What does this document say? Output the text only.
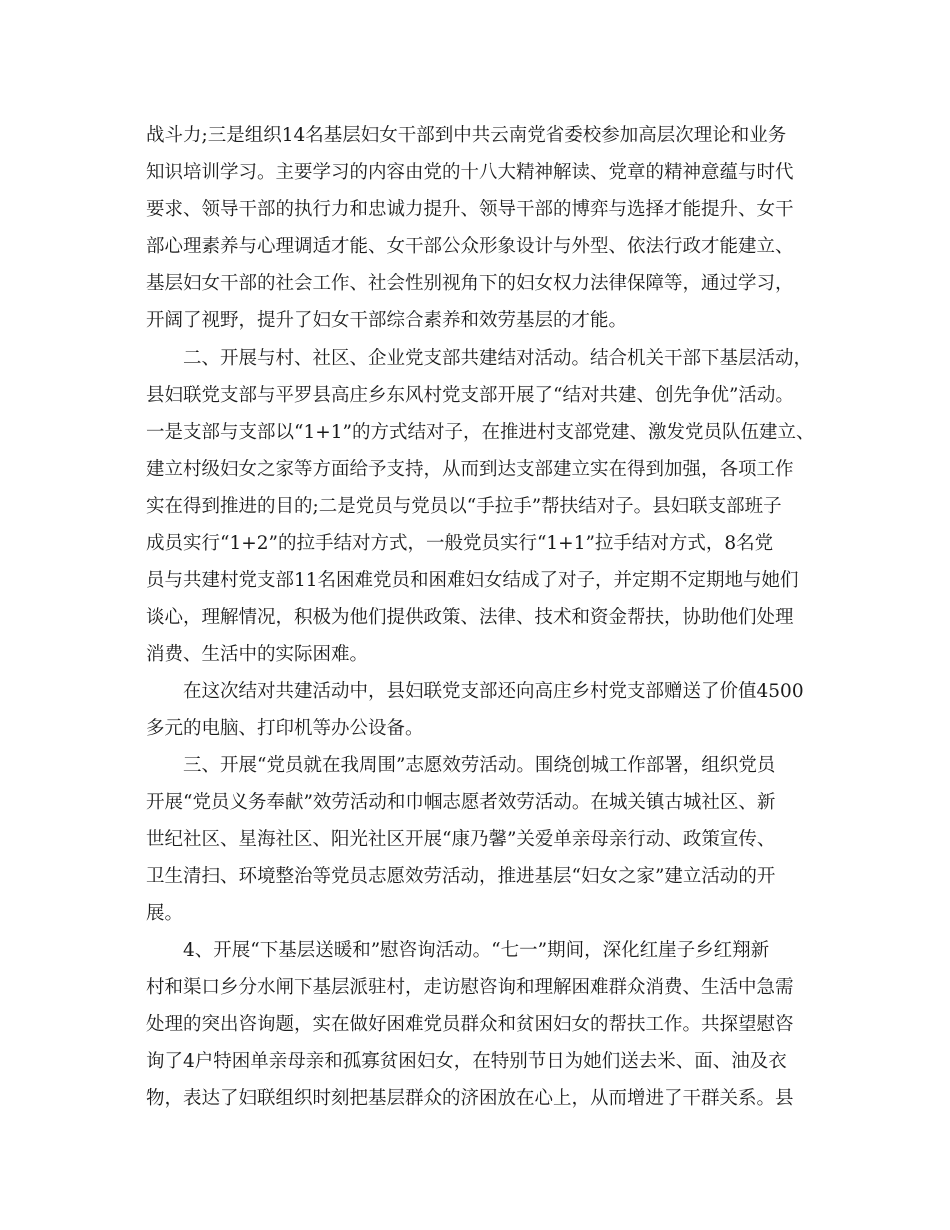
战斗力;三是组织14名基层妇女干部到中共云南党省委校参加高层次理论和业务
知识培训学习。主要学习的内容由党的十八大精神解读、党章的精神意蕴与时代
要求、领导干部的执行力和忠诚力提升、领导干部的博弈与选择才能提升、女干
部心理素养与心理调适才能、女干部公众形象设计与外型、依法行政才能建立、
基层妇女干部的社会工作、社会性别视角下的妇女权力法律保障等，通过学习，
开阔了视野，提升了妇女干部综合素养和效劳基层的才能。
二、开展与村、社区、企业党支部共建结对活动。结合机关干部下基层活动，
县妇联党支部与平罗县高庄乡东风村党支部开展了“结对共建、创先争优”活动。
一是支部与支部以“1+1”的方式结对子，在推进村支部党建、激发党员队伍建立、
建立村级妇女之家等方面给予支持，从而到达支部建立实在得到加强，各项工作
实在得到推进的目的;二是党员与党员以“手拉手”帮扶结对子。县妇联支部班子
成员实行“1+2”的拉手结对方式，一般党员实行“1+1”拉手结对方式，8名党
员与共建村党支部11名困难党员和困难妇女结成了对子，并定期不定期地与她们
谈心，理解情况，积极为他们提供政策、法律、技术和资金帮扶，协助他们处理
消费、生活中的实际困难。
在这次结对共建活动中，县妇联党支部还向高庄乡村党支部赠送了价值4500
多元的电脑、打印机等办公设备。
三、开展“党员就在我周围”志愿效劳活动。围绕创城工作部署，组织党员
开展“党员义务奉献”效劳活动和巾帼志愿者效劳活动。在城关镇古城社区、新
世纪社区、星海社区、阳光社区开展“康乃馨”关爱单亲母亲行动、政策宣传、
卫生清扫、环境整治等党员志愿效劳活动，推进基层“妇女之家”建立活动的开
展。
4、开展“下基层送暖和”慰咨询活动。“七一”期间，深化红崖子乡红翔新
村和渠口乡分水闸下基层派驻村，走访慰咨询和理解困难群众消费、生活中急需
处理的突出咨询题，实在做好困难党员群众和贫困妇女的帮扶工作。共探望慰咨
询了4户特困单亲母亲和孤寡贫困妇女，在特别节日为她们送去米、面、油及衣
物，表达了妇联组织时刻把基层群众的济困放在心上，从而增进了干群关系。县
